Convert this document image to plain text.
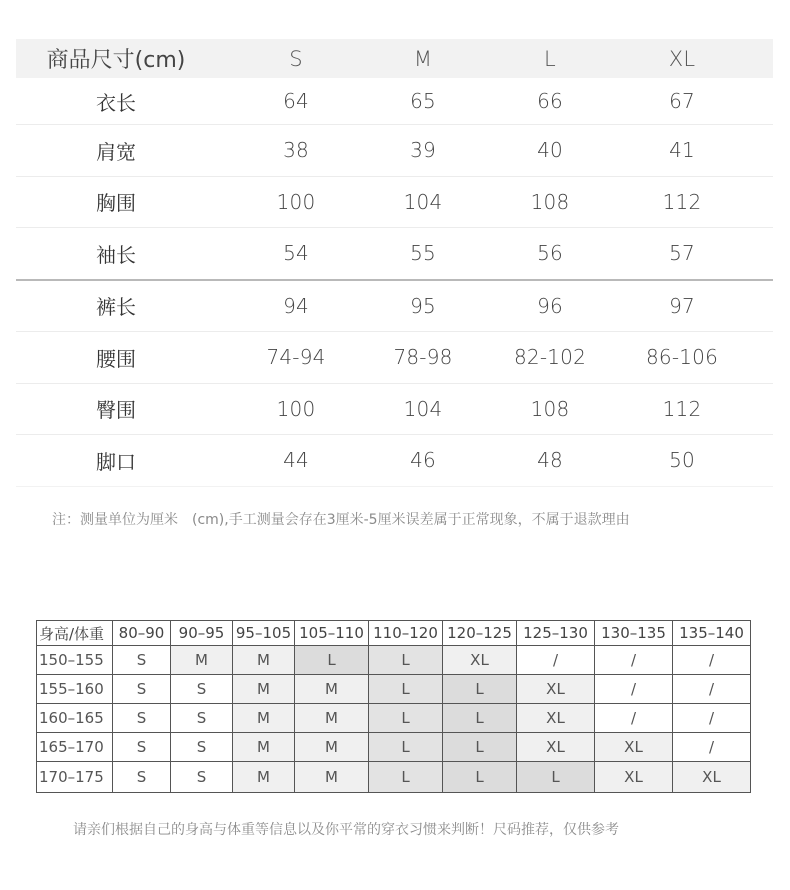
商品尺寸(cm)	S	M	L	XL
衣长	64	65	66	67
肩宽	38	39	40	41
胸围	100	104	108	112
袖长	54	55	56	57
裤长	94	95	96	97
腰围	74-94	78-98	82-102	86-106
臀围	100	104	108	112
脚口	44	46	48	50
注：测量单位为厘米　(cm),手工测量会存在3厘米-5厘米误差属于正常现象，不属于退款理由
身高/体重	80–90	90–95	95–105	105–110	110–120	120–125	125–130	130–135	135–140
150–155	S	M	M	L	L	XL	/	/	/
155–160	S	S	M	M	L	L	XL	/	/
160–165	S	S	M	M	L	L	XL	/	/
165–170	S	S	M	M	L	L	XL	XL	/
170–175	S	S	M	M	L	L	L	XL	XL
请亲们根据自己的身高与体重等信息以及你平常的穿衣习惯来判断！尺码推荐，仅供参考
